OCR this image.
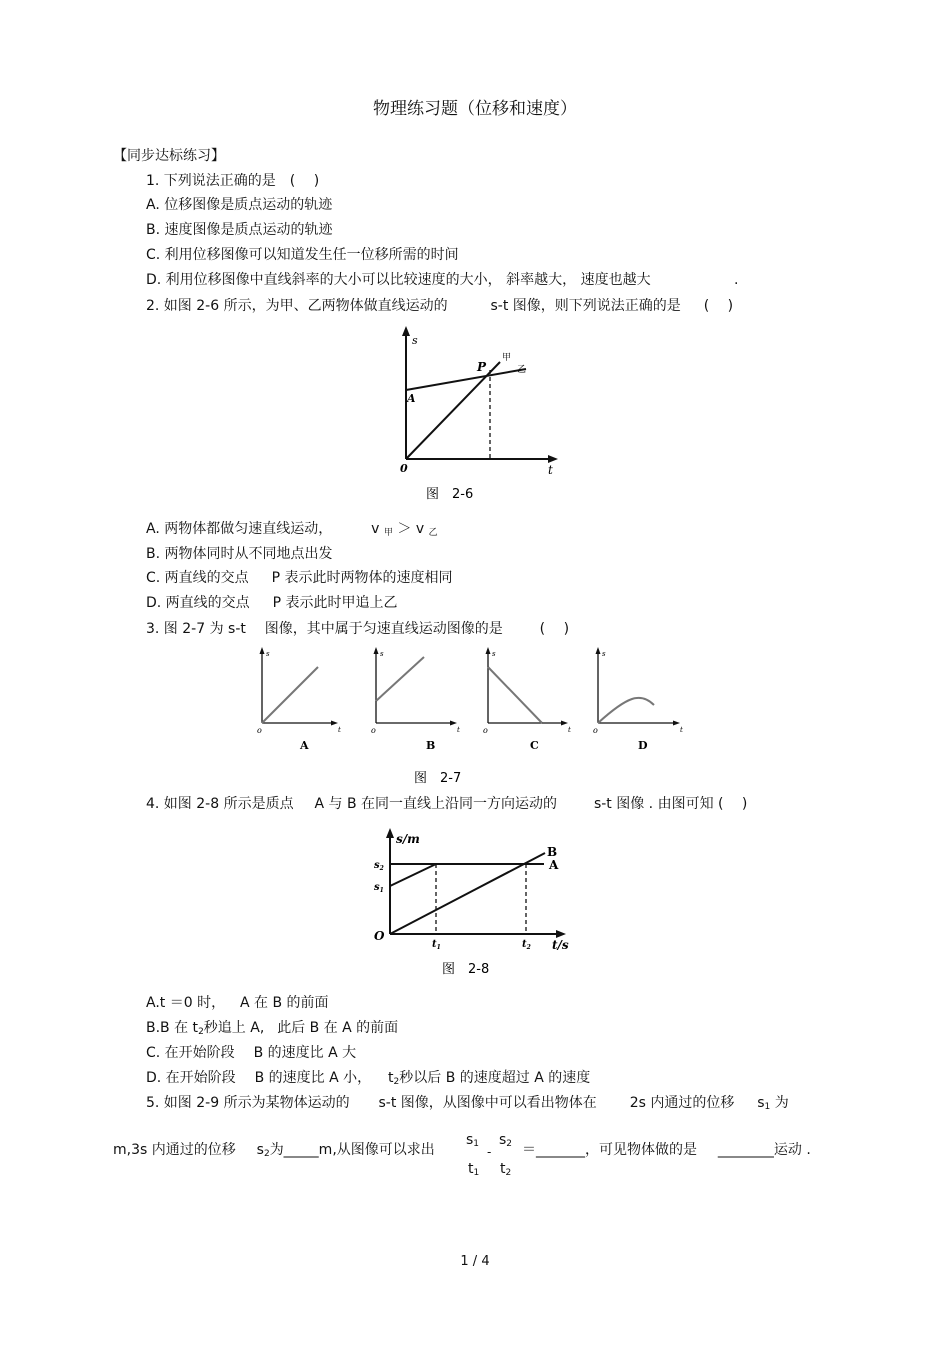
物理练习题（位移和速度）
【同步达标练习】
1. 下列说法正确的是　(　 )
A. 位移图像是质点运动的轨迹
B. 速度图像是质点运动的轨迹
C. 利用位移图像可以知道发生任一位移所需的时间
D. 利用位移图像中直线斜率的大小可以比较速度的大小， 斜率越大， 速度也越大	.
2. 如图 2-6 所示，为甲、乙两物体做直线运动的	s-t 图像，则下列说法正确的是 (　 )
s
t
0
P
A
甲
乙
图　2-6
A. 两物体都做匀速直线运动，	v $_甲$ ＞ v $_乙$
B. 两物体同时从不同地点出发
C. 两直线的交点 P 表示此时两物体的速度相同
D. 两直线的交点 P 表示此时甲追上乙
3. 图 2-7 为 s-t 图像，其中属于匀速直线运动图像的是	(　 )
s
t
o
A
s
t
o
B
s
t
o
C
s
t
o
D
图　2-7
4. 如图 2-8 所示是质点 A 与 B 在同一直线上沿同一方向运动的	s-t 图像 . 由图可知 (　 )
s/m
t/s
O
$s_2$
$s_1$
$t_1$	$t_2$
A
B
图　2-8
A.t ＝0 时， A 在 B 的前面
B.B 在 $t_2$秒追上 A, 此后 B 在 A 的前面
C. 在开始阶段 B 的速度比 A 大
D. 在开始阶段 B 的速度比 A 小， $t_2$秒以后 B 的速度超过 A 的速度
5. 如图 2-9 所示为某物体运动的 s-t 图像，从图像中可以看出物体在 2s 内通过的位移 $s_1$ 为
m,3s 内通过的位移 $s_2$为_____m,从图像可以求出
$s_1$
$t_1$
-
$s_2$
$t_2$
＝_______，可见物体做的是 ________运动 .
1 / 4
